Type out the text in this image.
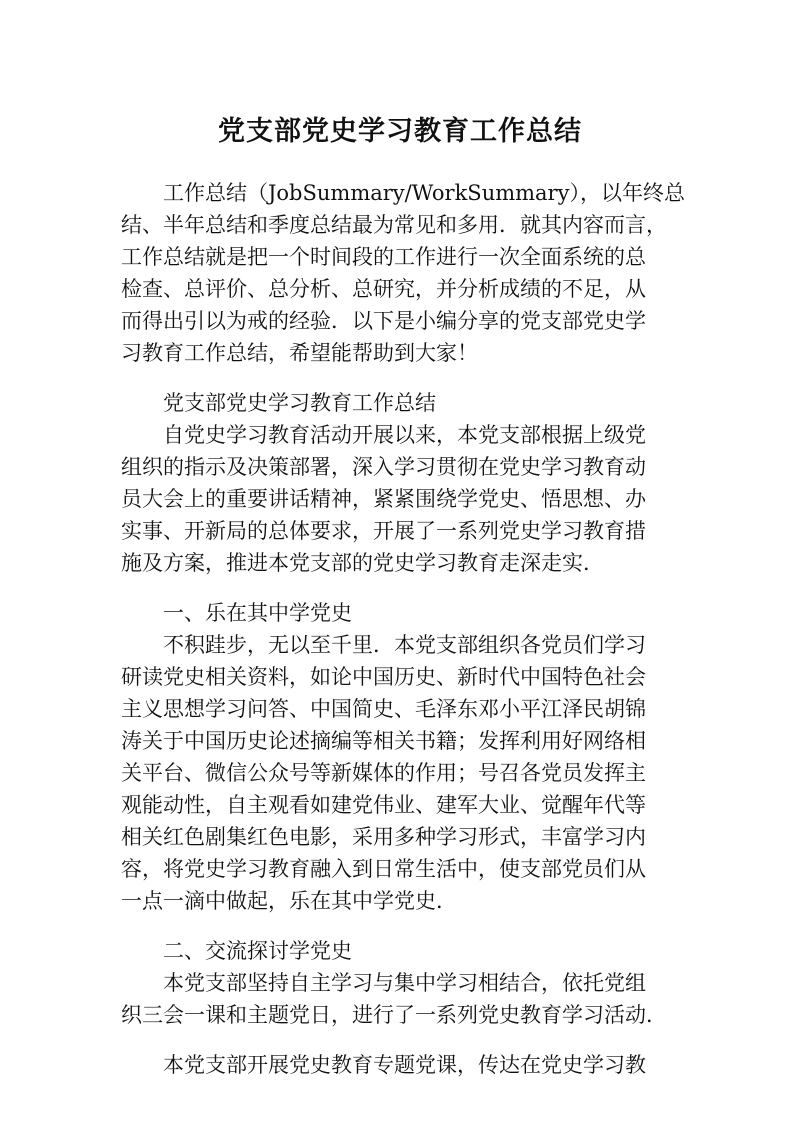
党支部党史学习教育工作总结

工作总结（JobSummary/WorkSummary），以年终总

结、半年总结和季度总结最为常见和多用．就其内容而言，

工作总结就是把一个时间段的工作进行一次全面系统的总

检查、总评价、总分析、总研究，并分析成绩的不足，从

而得出引以为戒的经验．以下是小编分享的党支部党史学

习教育工作总结，希望能帮助到大家！

党支部党史学习教育工作总结

自党史学习教育活动开展以来，本党支部根据上级党

组织的指示及决策部署，深入学习贯彻在党史学习教育动

员大会上的重要讲话精神，紧紧围绕学党史、悟思想、办

实事、开新局的总体要求，开展了一系列党史学习教育措

施及方案，推进本党支部的党史学习教育走深走实．

一、乐在其中学党史

不积跬步，无以至千里．本党支部组织各党员们学习

研读党史相关资料，如论中国历史、新时代中国特色社会

主义思想学习问答、中国简史、毛泽东邓小平江泽民胡锦

涛关于中国历史论述摘编等相关书籍；发挥利用好网络相

关平台、微信公众号等新媒体的作用；号召各党员发挥主

观能动性，自主观看如建党伟业、建军大业、觉醒年代等

相关红色剧集红色电影，采用多种学习形式，丰富学习内

容，将党史学习教育融入到日常生活中，使支部党员们从

一点一滴中做起，乐在其中学党史．

二、交流探讨学党史

本党支部坚持自主学习与集中学习相结合，依托党组

织三会一课和主题党日，进行了一系列党史教育学习活动．

本党支部开展党史教育专题党课，传达在党史学习教
